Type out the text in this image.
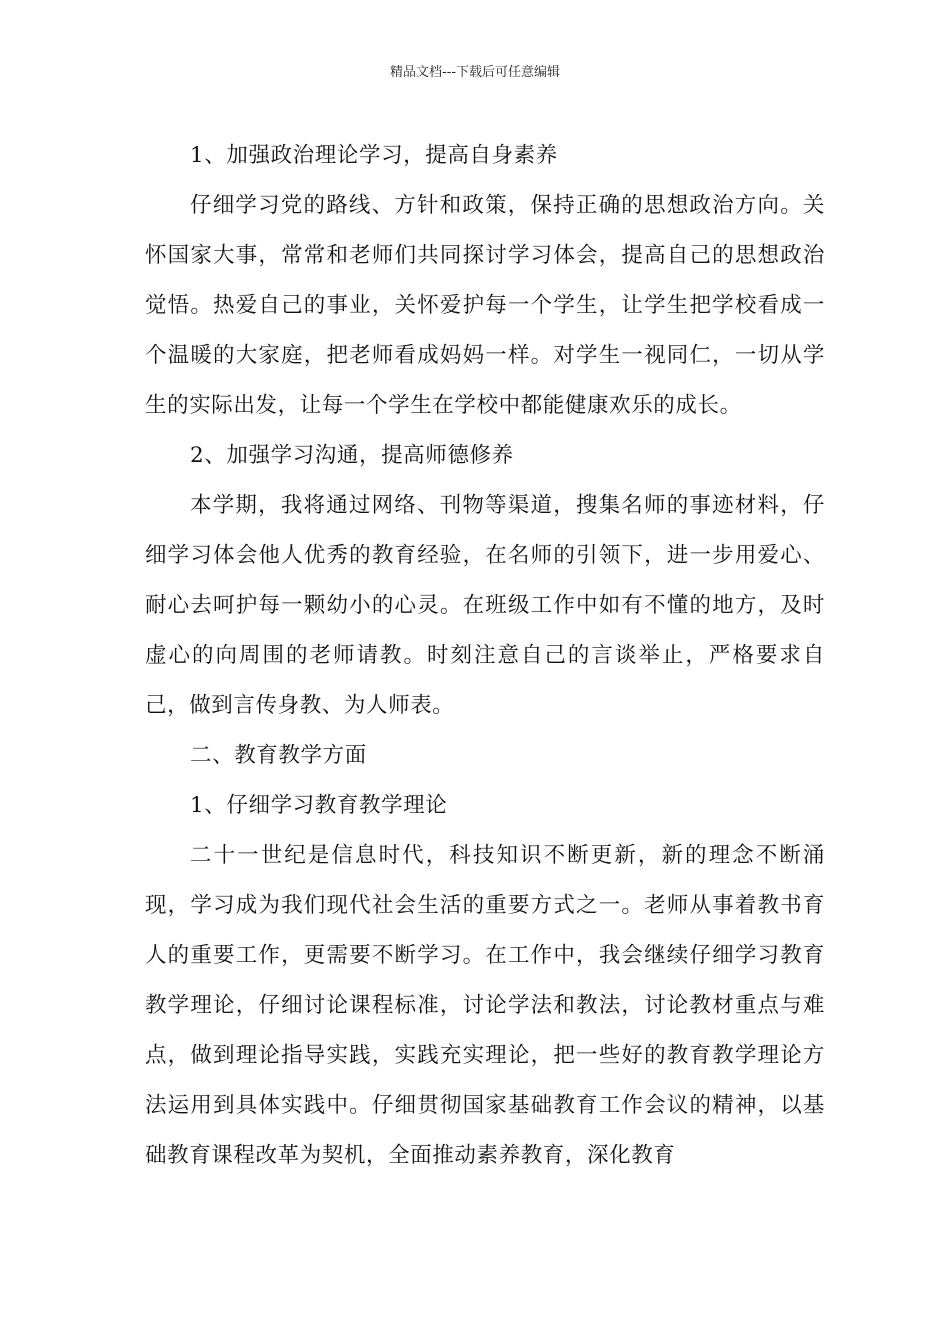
精品文档---下载后可任意编辑

1、加强政治理论学习，提高自身素养

仔细学习党的路线、方针和政策，保持正确的思想政治方向。关怀国家大事，常常和老师们共同探讨学习体会，提高自己的思想政治觉悟。热爱自己的事业，关怀爱护每一个学生，让学生把学校看成一个温暖的大家庭，把老师看成妈妈一样。对学生一视同仁，一切从学生的实际出发，让每一个学生在学校中都能健康欢乐的成长。

2、加强学习沟通，提高师德修养

本学期，我将通过网络、刊物等渠道，搜集名师的事迹材料，仔细学习体会他人优秀的教育经验，在名师的引领下，进一步用爱心、耐心去呵护每一颗幼小的心灵。在班级工作中如有不懂的地方，及时虚心的向周围的老师请教。时刻注意自己的言谈举止，严格要求自己，做到言传身教、为人师表。

二、教育教学方面

1、仔细学习教育教学理论

二十一世纪是信息时代，科技知识不断更新，新的理念不断涌现，学习成为我们现代社会生活的重要方式之一。老师从事着教书育人的重要工作，更需要不断学习。在工作中，我会继续仔细学习教育教学理论，仔细讨论课程标准，讨论学法和教法，讨论教材重点与难点，做到理论指导实践，实践充实理论，把一些好的教育教学理论方法运用到具体实践中。仔细贯彻国家基础教育工作会议的精神，以基础教育课程改革为契机，全面推动素养教育，深化教育
